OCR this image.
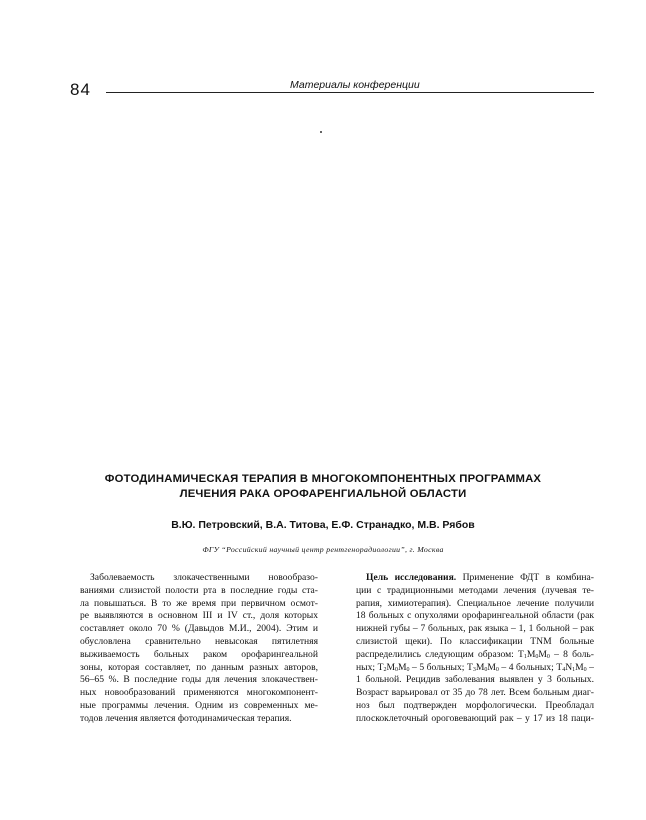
84	Материалы конференции
ФОТОДИНАМИЧЕСКАЯ ТЕРАПИЯ В МНОГОКОМПОНЕНТНЫХ ПРОГРАММАХ
ЛЕЧЕНИЯ РАКА ОРОФАРЕНГИАЛЬНОЙ ОБЛАСТИ
В.Ю. Петровский, В.А. Титова, Е.Ф. Странадко, М.В. Рябов
ФГУ “Российский научный центр рентгенорадиологии”, г. Москва
Заболеваемость злокачественными новообразо-
ваниями слизистой полости рта в последние годы ста-
ла повышаться. В то же время при первичном осмот-
ре выявляются в основном III и IV ст., доля которых
составляет около 70 % (Давыдов М.И., 2004). Этим и
обусловлена сравнительно невысокая пятилетняя
выживаемость больных раком орофарингеальной
зоны, которая составляет, по данным разных авторов,
56–65 %. В последние годы для лечения злокачествен-
ных новообразований применяются многокомпонент-
ные программы лечения. Одним из современных ме-
тодов лечения является фотодинамическая терапия.
Цель исследования. Применение ФДТ в комбина-
ции с традиционными методами лечения (лучевая те-
рапия, химиотерапия). Специальное лечение получили
18 больных с опухолями орофарингеальной области (рак
нижней губы – 7 больных, рак языка – 1, 1 больной – рак
слизистой щеки). По классификации TNM больные
распределились следующим образом: $T_1M_0M_0 - 8$ боль-
ных; $T_2M_0M_0 - 5$ больных; $T_3M_0M_0 - 4$ больных; $T_4N_1M_0$ –
1 больной. Рецидив заболевания выявлен у 3 больных.
Возраст варьировал от 35 до 78 лет. Всем больным диаг-
ноз был подтвержден морфологически. Преобладал
плоскоклеточный ороговевающий рак – у 17 из 18 паци-
